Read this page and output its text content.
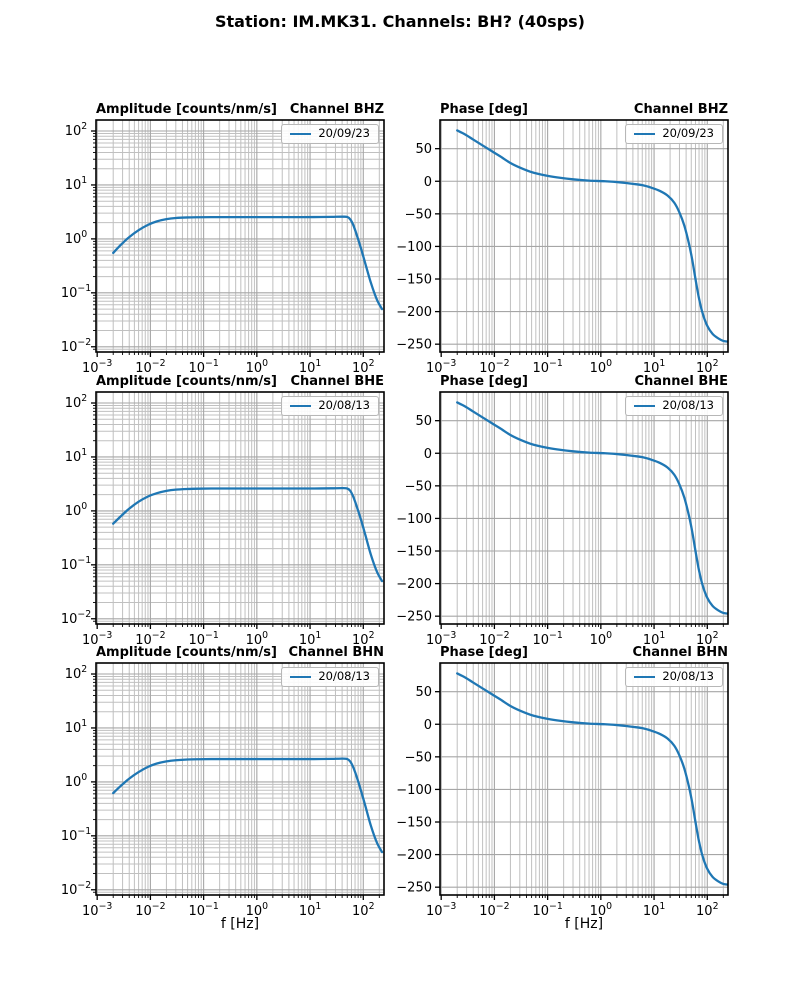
Station: IM.MK31. Channels: BH? (40sps)
$10^{-3}$ $10^{-2}$ $10^{-1}$ $10^0$ $10^1$ $10^2$
$10^{-2}$
$10^{-1}$
$10^0$
$10^1$
$10^2$
$10^{-3}$ $10^{-2}$ $10^{-1}$ $10^0$ $10^1$ $10^2$
50
0
−50
−100
−150
−200
−250
$10^{-3}$ $10^{-2}$ $10^{-1}$ $10^0$ $10^1$ $10^2$
$10^{-2}$
$10^{-1}$
$10^0$
$10^1$
$10^2$
$10^{-3}$ $10^{-2}$ $10^{-1}$ $10^0$ $10^1$ $10^2$
50
0
−50
−100
−150
−200
−250
$10^{-3}$ $10^{-2}$ $10^{-1}$ $10^0$ $10^1$ $10^2$
$10^{-2}$
$10^{-1}$
$10^0$
$10^1$
$10^2$
$10^{-3}$ $10^{-2}$ $10^{-1}$ $10^0$ $10^1$ $10^2$
50
0
−50
−100
−150
−200
−250
Amplitude [counts/nm/s] Channel BHZ
20/09/23
Phase [deg]	Channel BHZ
20/09/23
Amplitude [counts/nm/s] Channel BHE
20/08/13
Phase [deg]	Channel BHE
20/08/13
Amplitude [counts/nm/s] Channel BHN
20/08/13
Phase [deg]	Channel BHN
20/08/13
f [Hz]	f [Hz]
